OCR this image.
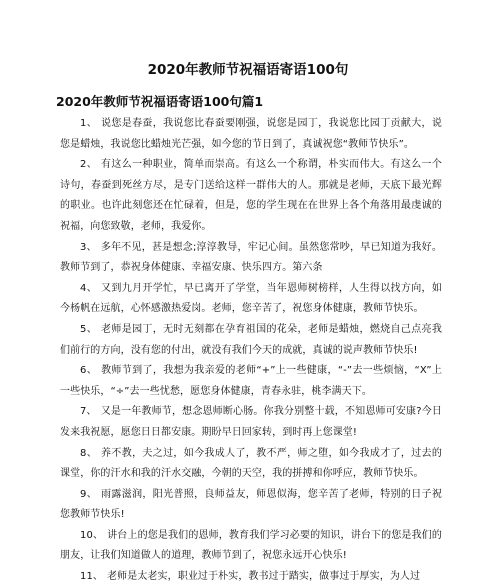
2020年教师节祝福语寄语100句
2020年教师节祝福语寄语100句篇1

1、 说您是春蚕，我说您比春蚕要刚强，说您是园丁，我说您比园丁贡献大，说您是蜡烛，我说您比蜡烛光芒强，如今您的节日到了，真诚祝您“教师节快乐”。

2、 有这么一种职业，简单而崇高。有这么一个称谓，朴实而伟大。有这么一个诗句，春蚕到死丝方尽，是专门送给这样一群伟大的人。那就是老师，天底下最光辉的职业。也许此刻您还在忙碌着，但是，您的学生现在在世界上各个角落用最虔诚的祝福，向您致敬，老师，我爱你。

3、 多年不见，甚是想念;淳淳教导，牢记心间。虽然您常吵，早已知道为我好。教师节到了，恭祝身体健康、幸福安康、快乐四方。第六条

4、 又到九月开学忙，早已离开了学堂，当年恩师树榜样，人生得以找方向，如今杨帆在远航，心怀感激热爱岗。老师，您辛苦了，祝您身体健康，教师节快乐。

5、 老师是园丁，无时无刻都在孕育祖国的花朵，老师是蜡烛，燃烧自己点亮我们前行的方向，没有您的付出，就没有我们今天的成就，真诚的说声教师节快乐!

6、 教师节到了，我想为我亲爱的老师“+”上一些健康，“-”去一些烦恼，“X”上一些快乐，“÷”去一些忧愁，愿您身体健康，青春永驻，桃李满天下。

7、 又是一年教师节，想念恩师断心肠。你我分别整十载，不知恩师可安康?今日发来我祝愿，愿您日日都安康。期盼早日回家转，到时再上您课堂!

8、 养不教，夫之过，如今我成人了，教不严，师之堕，如今我成才了，过去的课堂，你的汗水和我的汗水交融，今朝的天空，我的拼搏和你呼应，教师节快乐。

9、 雨露滋润，阳光普照，良师益友，师恩似海，您辛苦了老师，特别的日子祝您教师节快乐!

10、 讲台上的您是我们的恩师，教育我们学习必要的知识，讲台下的您是我们的朋友，让我们知道做人的道理，教师节到了，祝您永远开心快乐!

11、 老师是太老实，职业过于朴实，教书过于踏实，做事过于厚实，为人过
